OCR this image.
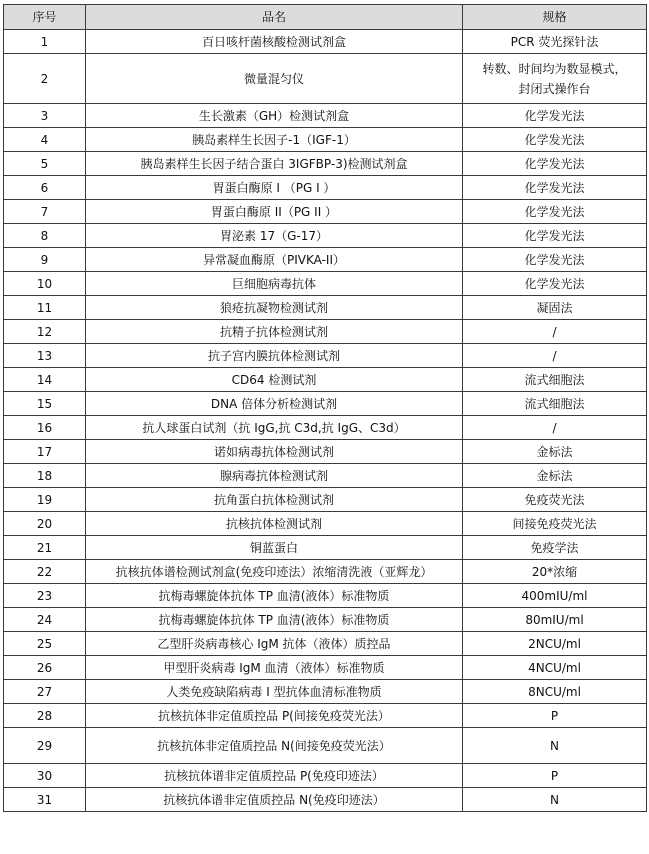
序号	品名	规格
1	百日咳杆菌核酸检测试剂盒	PCR 荧光探针法
2	微量混匀仪	转数、时间均为数显模式，
封闭式操作台

3	生长激素（GH）检测试剂盒	化学发光法
4	胰岛素样生长因子-1（IGF-1）	化学发光法
5	胰岛素样生长因子结合蛋白 3IGFBP-3)检测试剂盒	化学发光法
6	胃蛋白酶原 I （PG I ）	化学发光法
7	胃蛋白酶原 II（PG II ）	化学发光法
8	胃泌素 17（G-17）	化学发光法
9	异常凝血酶原（PIVKA-II）	化学发光法
10	巨细胞病毒抗体	化学发光法
11	狼疮抗凝物检测试剂	凝固法
12	抗精子抗体检测试剂	/
13	抗子宫内膜抗体检测试剂	/
14	CD64 检测试剂	流式细胞法
15	DNA 倍体分析检测试剂	流式细胞法
16	抗人球蛋白试剂（抗 IgG,抗 C3d,抗 IgG、C3d）	/
17	诺如病毒抗体检测试剂	金标法
18	腺病毒抗体检测试剂	金标法
19	抗角蛋白抗体检测试剂	免疫荧光法
20	抗核抗体检测试剂	间接免疫荧光法
21	铜蓝蛋白	免疫学法
22	抗核抗体谱检测试剂盒(免疫印迹法）浓缩清洗液（亚辉龙）	20*浓缩
23	抗梅毒螺旋体抗体 TP 血清(液体）标准物质	400mIU/ml
24	抗梅毒螺旋体抗体 TP 血清(液体）标准物质	80mIU/ml
25	乙型肝炎病毒核心 IgM 抗体（液体）质控品	2NCU/ml
26	甲型肝炎病毒 IgM 血清（液体）标准物质	4NCU/ml
27	人类免疫缺陷病毒 I 型抗体血清标准物质	8NCU/ml
28	抗核抗体非定值质控品 P(间接免疫荧光法）	P
29	抗核抗体非定值质控品 N(间接免疫荧光法）	N
30	抗核抗体谱非定值质控品 P(免疫印迹法）	P
31	抗核抗体谱非定值质控品 N(免疫印迹法）	N
